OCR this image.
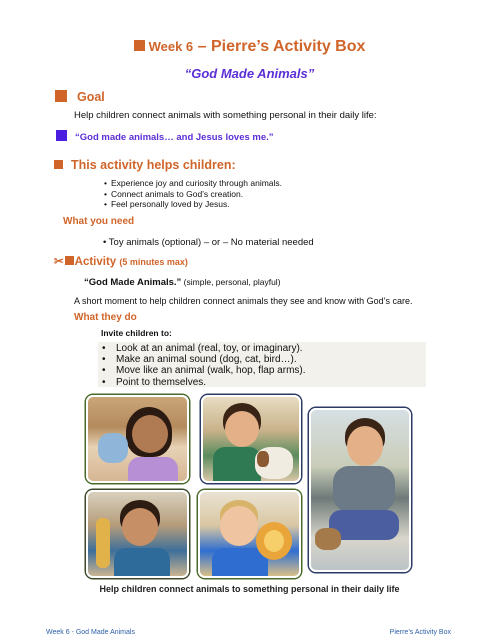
Week 6 – Pierre’s Activity Box
“God Made Animals”
Goal
Help children connect animals with something personal in their daily life:
“God made animals… and Jesus loves me.”
This activity helps children:
• Experience joy and curiosity through animals.
• Connect animals to God’s creation.
• Feel personally loved by Jesus.
What you need
• Toy animals (optional) – or – No material needed
✂ Activity (5 minutes max)
“God Made Animals.” (simple, personal, playful)
A short moment to help children connect animals they see and know with God’s care.
What they do
Invite children to:
• Look at an animal (real, toy, or imaginary).
• Make an animal sound (dog, cat, bird…).
• Move like an animal (walk, hop, flap arms).
• Point to themselves.
Help children connect animals to something personal in their daily life
Week 6 - God Made Animals	Pierre’s Activity Box
